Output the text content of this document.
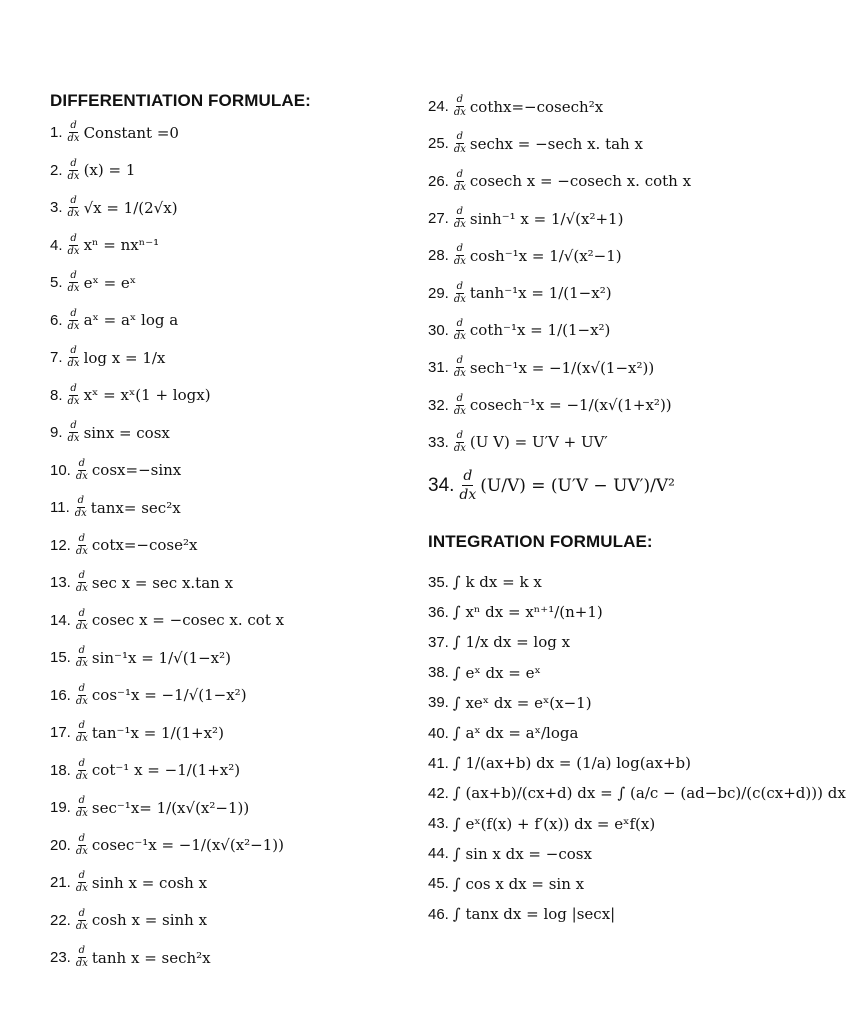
DIFFERENTIATION FORMULAE:
1. $\frac{d}{dx}$ Constant =0
2. $\frac{d}{dx} (x) = 1$
3. $\frac{d}{dx} √x = 1/(2√x)$
4. $\frac{d}{dx}$ xⁿ = nxⁿ⁻¹
5. $\frac{d}{dx}$ eˣ = eˣ
6. $\frac{d}{dx}$ aˣ = aˣ log a
7. $\frac{d}{dx}$ log x = 1/x
8. $\frac{d}{dx}$ xˣ = xˣ(1 + logx)
9. $\frac{d}{dx}$ sinx = cosx
10. $\frac{d}{dx} \cos x=-\sin x$
11. $\frac{d}{dx} \tan x= \sec^2x$
12. $\frac{d}{dx} \cot x=-\cos e^2x$
13. $\frac{d}{dx}$ sec x = sec x.tan x
14. $\frac{d}{dx}$ cosec x = −cosec x. cot x
15. $\frac{d}{dx} \sin^{-1}x = 1/√(1-x^2)$
16. $\frac{d}{dx} \cos^{-1}x = -1/√(1-x^2)$
17. $\frac{d}{dx} \tan^{-1}x = 1/(1+x^2)$
18. $\frac{d}{dx} \cot^{-1}$ x = −1/(1+x²)
19. $\frac{d}{dx} \sec^{-1}x= 1/(x√(x^2-1))$
20. $\frac{d}{dx} cosec^{-1}x = -1/(x√(x^2-1))$
21. $\frac{d}{dx}$ sinh x = cosh x
22. $\frac{d}{dx}$ cosh x = sinh x
23. $\frac{d}{dx}$ tanh x = sech²x
24. $\frac{d}{dx}$ cothx=−cosech²x
25. $\frac{d}{dx}$ sechx = −sech x. tah x
26. $\frac{d}{dx}$ cosech x = −cosech x. coth x
27. $\frac{d}{dx} \sinh^{-1}$ x = 1/√(x²+1)
28. $\frac{d}{dx} \cosh^{-1}x = 1/√(x^2-1)$
29. $\frac{d}{dx} \tanh^{-1}x = 1/(1-x^2)$
30. $\frac{d}{dx} \cot h^{-1}x = 1/(1-x^2)$
31. $\frac{d}{dx} \sec h^{-1}x = -1/(x√(1-x^2))$
32. $\frac{d}{dx} cosech^{-1}x = -1/(x√(1+x^2))$
33. $\frac{d}{dx} (U$ V) = U′V + UV′
34. $\frac{d}{dx} (U/V) = (U'V - UV')/V^2$
INTEGRATION FORMULAE:
35. ∫ k dx = k x
36. ∫ xⁿ dx = xⁿ⁺¹/(n+1)
37. ∫ 1/x dx = log x
38. ∫ eˣ dx = eˣ
39. ∫ xeˣ dx = eˣ(x−1)
40. ∫ aˣ dx = aˣ/loga
41. ∫ 1/(ax+b) dx = (1/a) log(ax+b)
42. ∫ (ax+b)/(cx+d) dx = ∫ (a/c − (ad−bc)/(c(cx+d))) dx
43. ∫ eˣ(f(x) + f′(x)) dx = eˣf(x)
44. ∫ sin x dx = −cosx
45. ∫ cos x dx = sin x
46. ∫ tanx dx = log |secx|
